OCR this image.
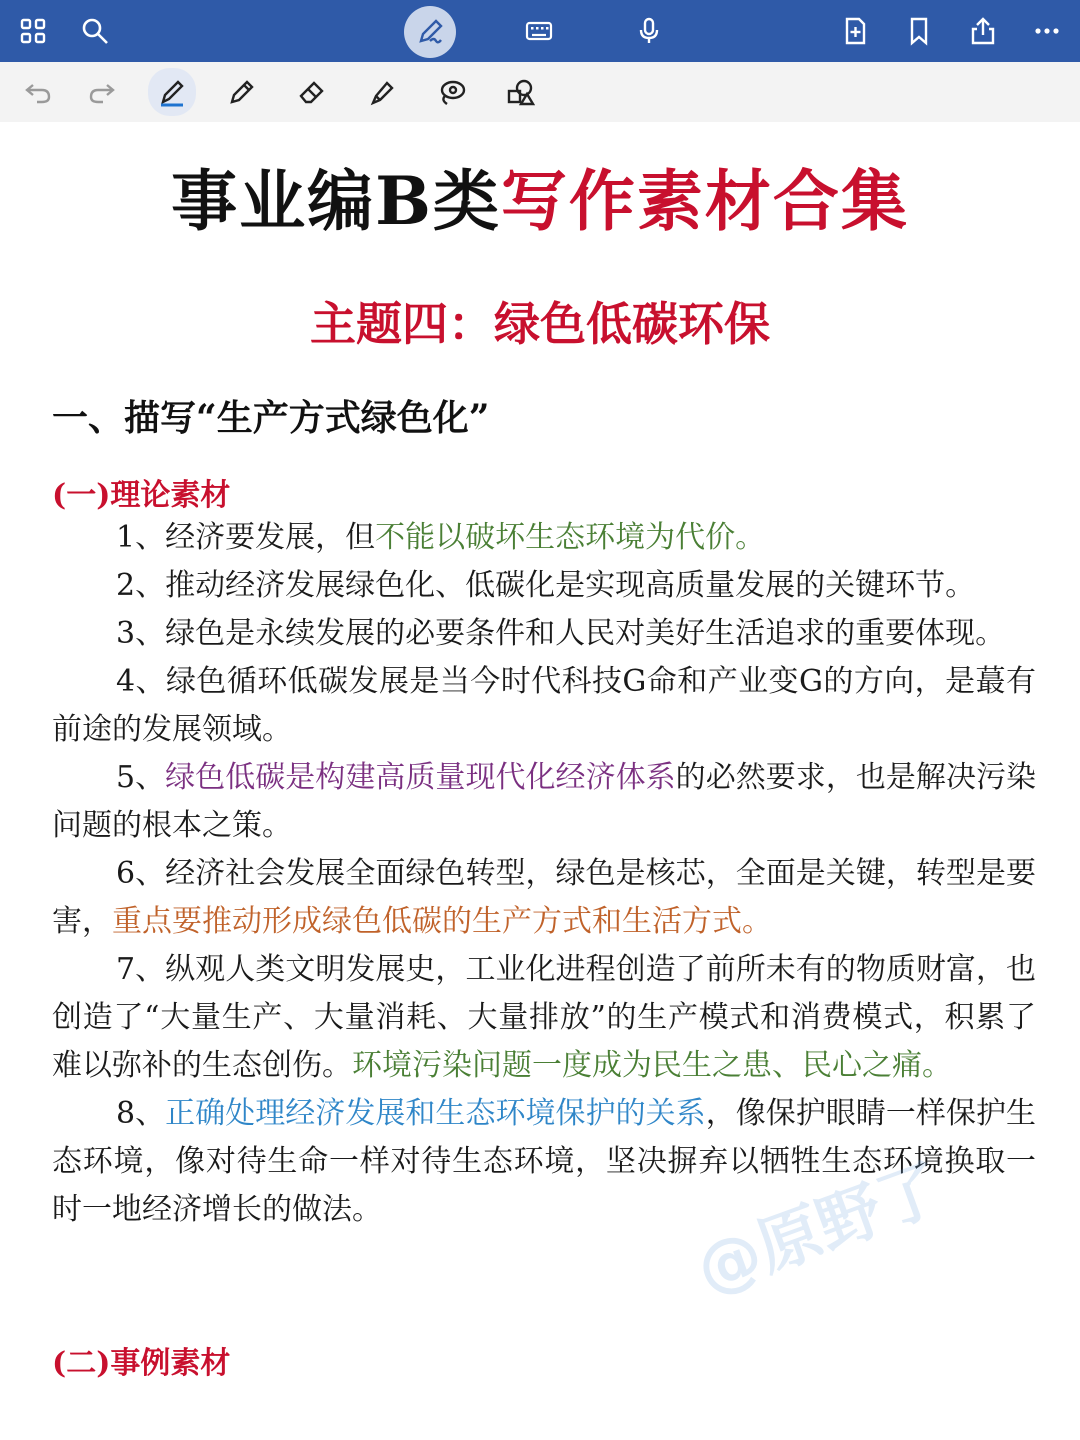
事业编B类写作素材合集
主题四：绿色低碳环保
一、描写“生产方式绿色化”
(一)理论素材

1、经济要发展，但不能以破坏生态环境为代价。

2、推动经济发展绿色化、低碳化是实现高质量发展的关键环节。

3、绿色是永续发展的必要条件和人民对美好生活追求的重要体现。

4、绿色循环低碳发展是当今时代科技G命和产业变G的方向，是蕞有前途的发展领域。

5、绿色低碳是构建高质量现代化经济体系的必然要求，也是解决污染问题的根本之策。

6、经济社会发展全面绿色转型，绿色是核芯，全面是关键，转型是要害，重点要推动形成绿色低碳的生产方式和生活方式。

7、纵观人类文明发展史，工业化进程创造了前所未有的物质财富，也创造了“大量生产、大量消耗、大量排放”的生产模式和消费模式，积累了难以弥补的生态创伤。环境污染问题一度成为民生之患、民心之痛。

8、正确处理经济发展和生态环境保护的关系，像保护眼睛一样保护生态环境，像对待生命一样对待生态环境，坚决摒弃以牺牲生态环境换取一时一地经济增长的做法。

(二)事例素材
@原野了
